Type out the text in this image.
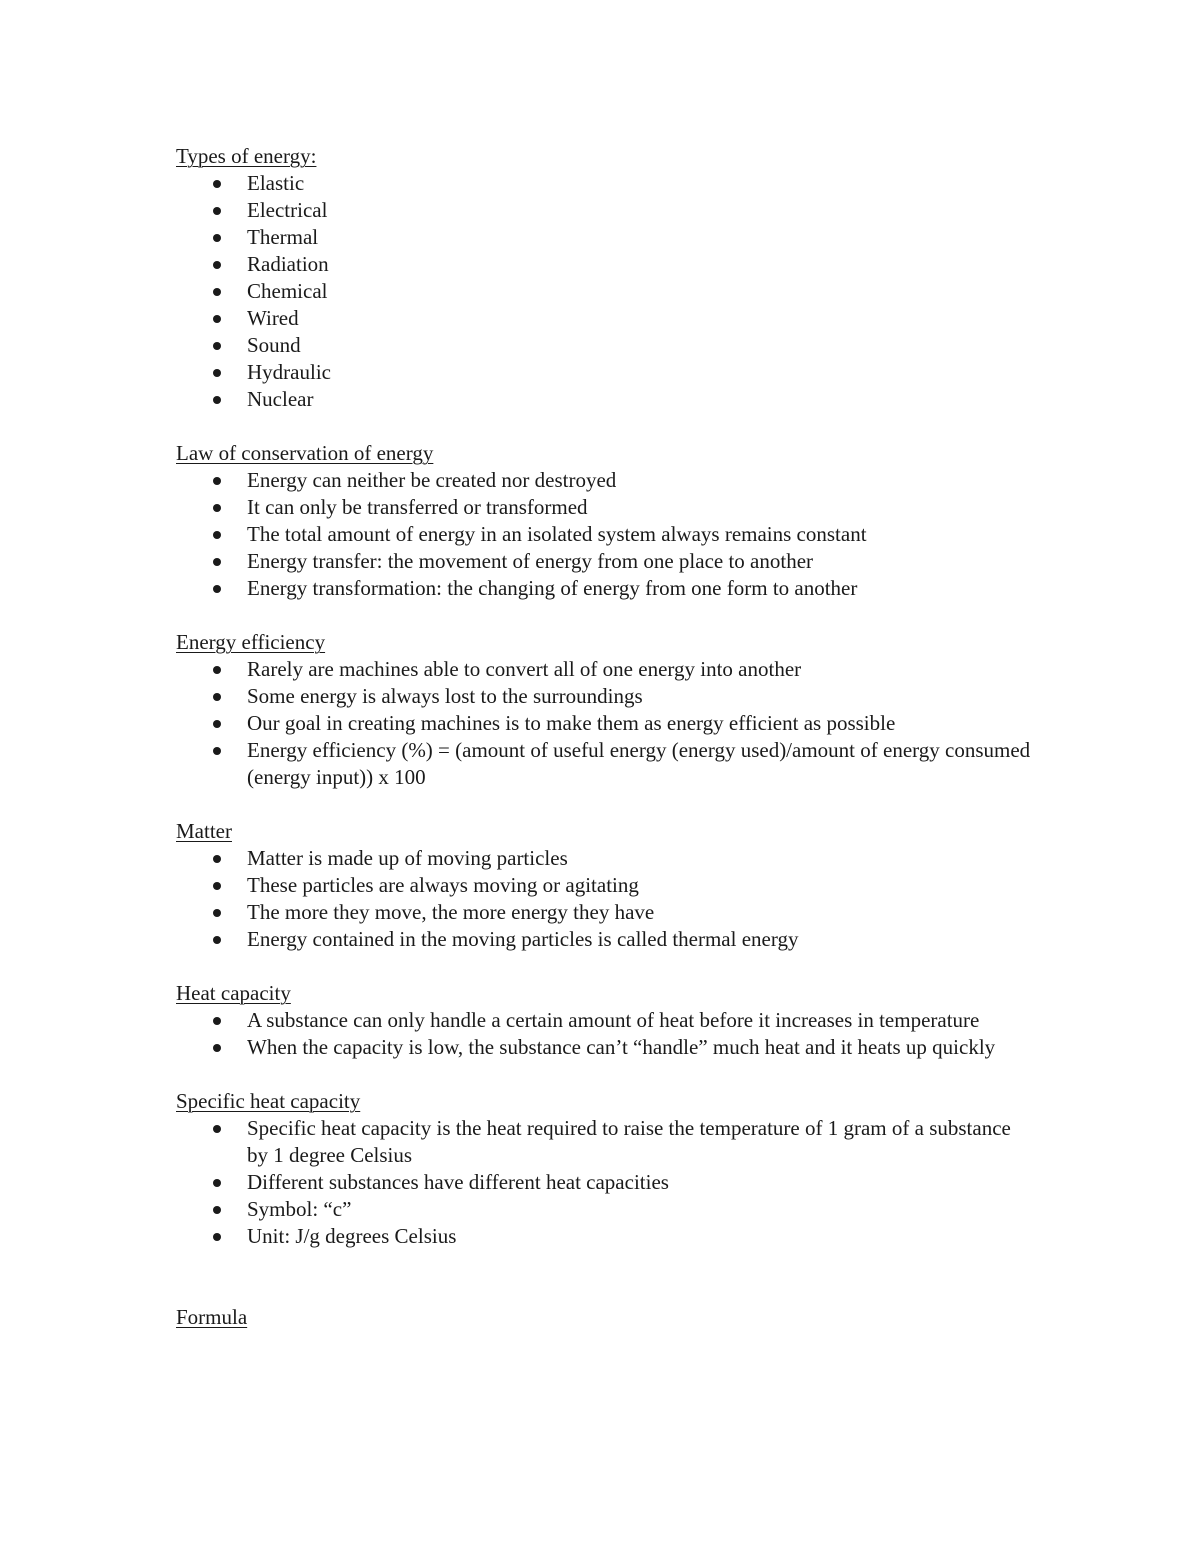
Types of energy:

Elastic
Electrical
Thermal
Radiation
Chemical
Wired
Sound
Hydraulic
Nuclear

Law of conservation of energy

Energy can neither be created nor destroyed
It can only be transferred or transformed
The total amount of energy in an isolated system always remains constant
Energy transfer: the movement of energy from one place to another
Energy transformation: the changing of energy from one form to another

Energy efficiency

Rarely are machines able to convert all of one energy into another
Some energy is always lost to the surroundings
Our goal in creating machines is to make them as energy efficient as possible
Energy efficiency (%) = (amount of useful energy (energy used)/amount of energy consumed (energy input)) x 100

Matter

Matter is made up of moving particles
These particles are always moving or agitating
The more they move, the more energy they have
Energy contained in the moving particles is called thermal energy

Heat capacity

A substance can only handle a certain amount of heat before it increases in temperature
When the capacity is low, the substance can’t “handle” much heat and it heats up quickly

Specific heat capacity

Specific heat capacity is the heat required to raise the temperature of 1 gram of a substance by 1 degree Celsius
Different substances have different heat capacities
Symbol: “c”
Unit: J/g degrees Celsius

Formula
